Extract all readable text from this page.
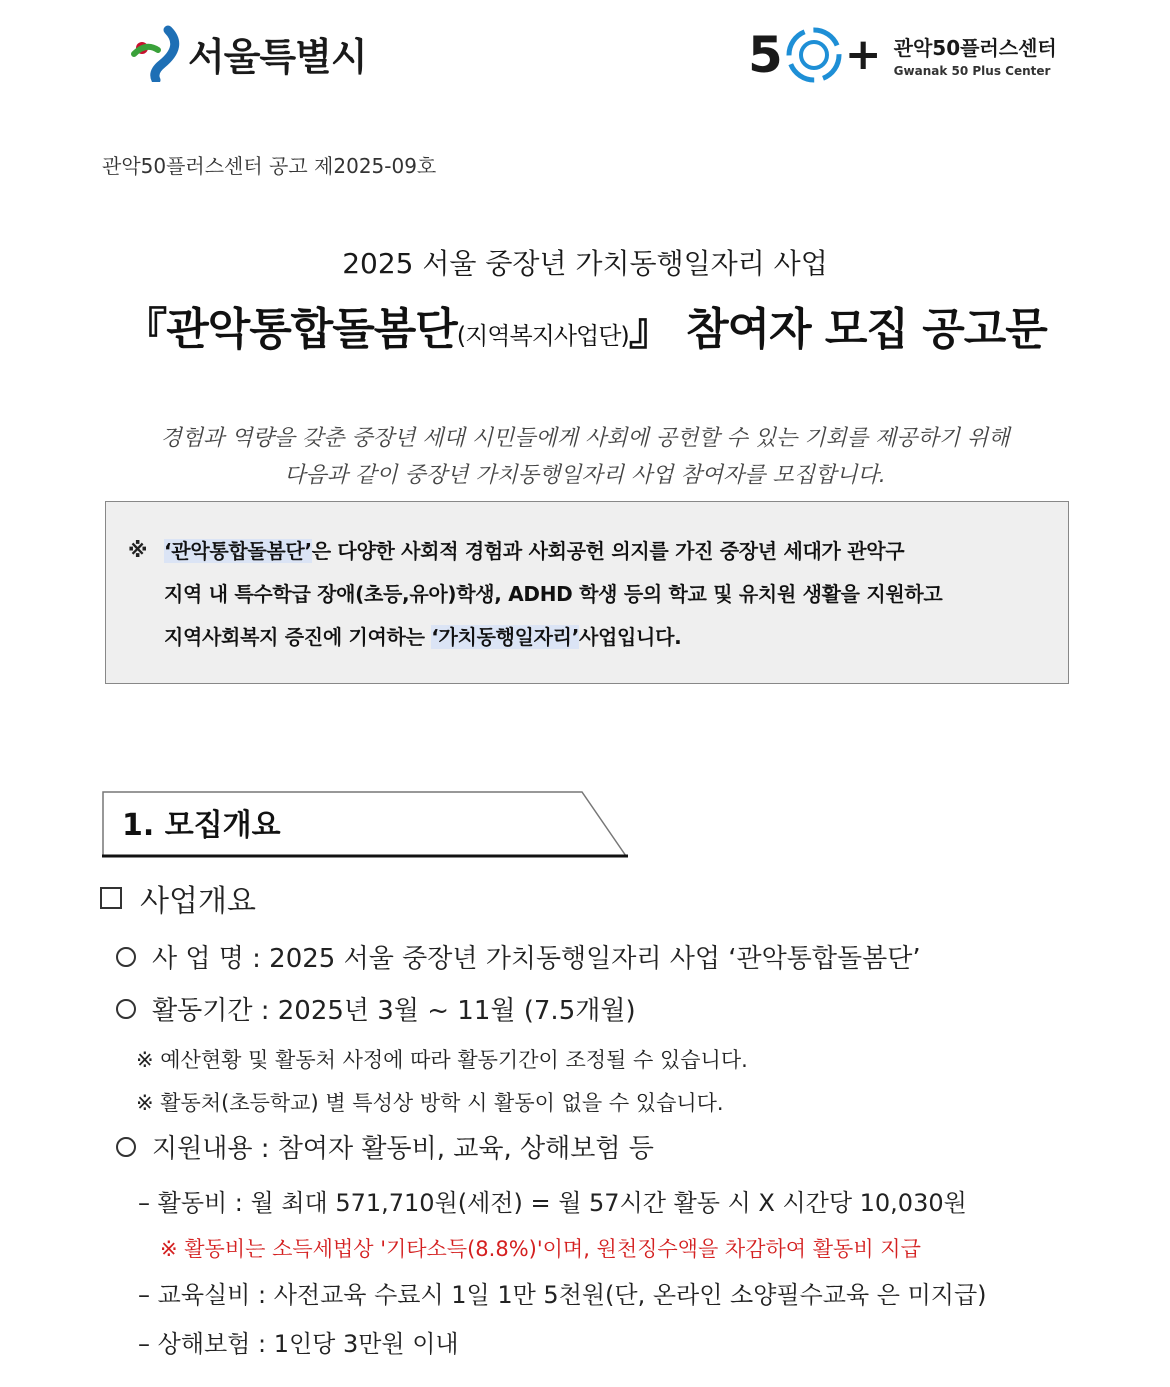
서울특별시	5 + 관악50플러스센터
Gwanak 50 Plus Center
관악50플러스센터 공고 제2025-09호
2025 서울 중장년 가치동행일자리 사업
『관악통합돌봄단(지역복지사업단)』 참여자 모집 공고문
경험과 역량을 갖춘 중장년 세대 시민들에게 사회에 공헌할 수 있는 기회를 제공하기 위해
다음과 같이 중장년 가치동행일자리 사업 참여자를 모집합니다.
※ ‘관악통합돌봄단’은 다양한 사회적 경험과 사회공헌 의지를 가진 중장년 세대가 관악구
지역 내 특수학급 장애(초등,유아)학생, ADHD 학생 등의 학교 및 유치원 생활을 지원하고
지역사회복지 증진에 기여하는 ‘가치동행일자리’사업입니다.
1. 모집개요
사업개요
사 업 명 : 2025 서울 중장년 가치동행일자리 사업 ‘관악통합돌봄단’
활동기간 : 2025년 3월 ~ 11월 (7.5개월)
※ 예산현황 및 활동처 사정에 따라 활동기간이 조정될 수 있습니다.
※ 활동처(초등학교) 별 특성상 방학 시 활동이 없을 수 있습니다.
지원내용 : 참여자 활동비, 교육, 상해보험 등
– 활동비 : 월 최대 571,710원(세전) = 월 57시간 활동 시 X 시간당 10,030원
※ 활동비는 소득세법상 '기타소득(8.8%)'이며, 원천징수액을 차감하여 활동비 지급
– 교육실비 : 사전교육 수료시 1일 1만 5천원(단, 온라인 소양필수교육 은 미지급)
– 상해보험 : 1인당 3만원 이내
